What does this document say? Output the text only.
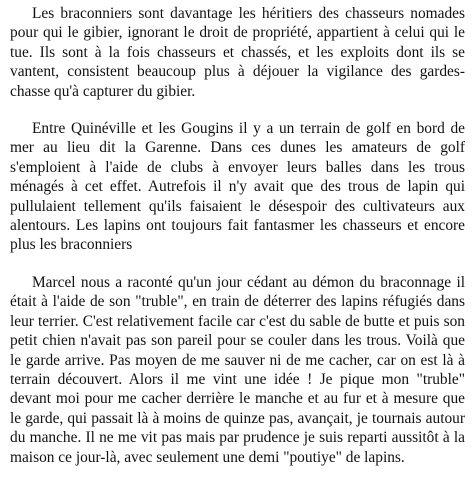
Les braconniers sont davantage les héritiers des chasseurs nomades pour qui le gibier, ignorant le droit de propriété, appartient à celui qui le tue. Ils sont à la fois chasseurs et chassés, et les exploits dont ils se vantent, consistent beaucoup plus à déjouer la vigilance des gardes-chasse qu'à capturer du gibier.

Entre Quinéville et les Gougins il y a un terrain de golf en bord de mer au lieu dit la Garenne. Dans ces dunes les amateurs de golf s'emploient à l'aide de clubs à envoyer leurs balles dans les trous ménagés à cet effet. Autrefois il n'y avait que des trous de lapin qui pullulaient tellement qu'ils faisaient le désespoir des cultivateurs aux alentours. Les lapins ont toujours fait fantasmer les chasseurs et encore plus les braconniers

Marcel nous a raconté qu'un jour cédant au démon du braconnage il était à l'aide de son "truble", en train de déterrer des lapins réfugiés dans leur terrier. C'est relativement facile car c'est du sable de butte et puis son petit chien n'avait pas son pareil pour se couler dans les trous. Voilà que le garde arrive. Pas moyen de me sauver ni de me cacher, car on est là à terrain découvert. Alors il me vint une idée ! Je pique mon "truble" devant moi pour me cacher derrière le manche et au fur et à mesure que le garde, qui passait là à moins de quinze pas, avançait, je tournais autour du manche. Il ne me vit pas mais par prudence je suis reparti aussitôt à la maison ce jour-là, avec seulement une demi "poutiye" de lapins.
